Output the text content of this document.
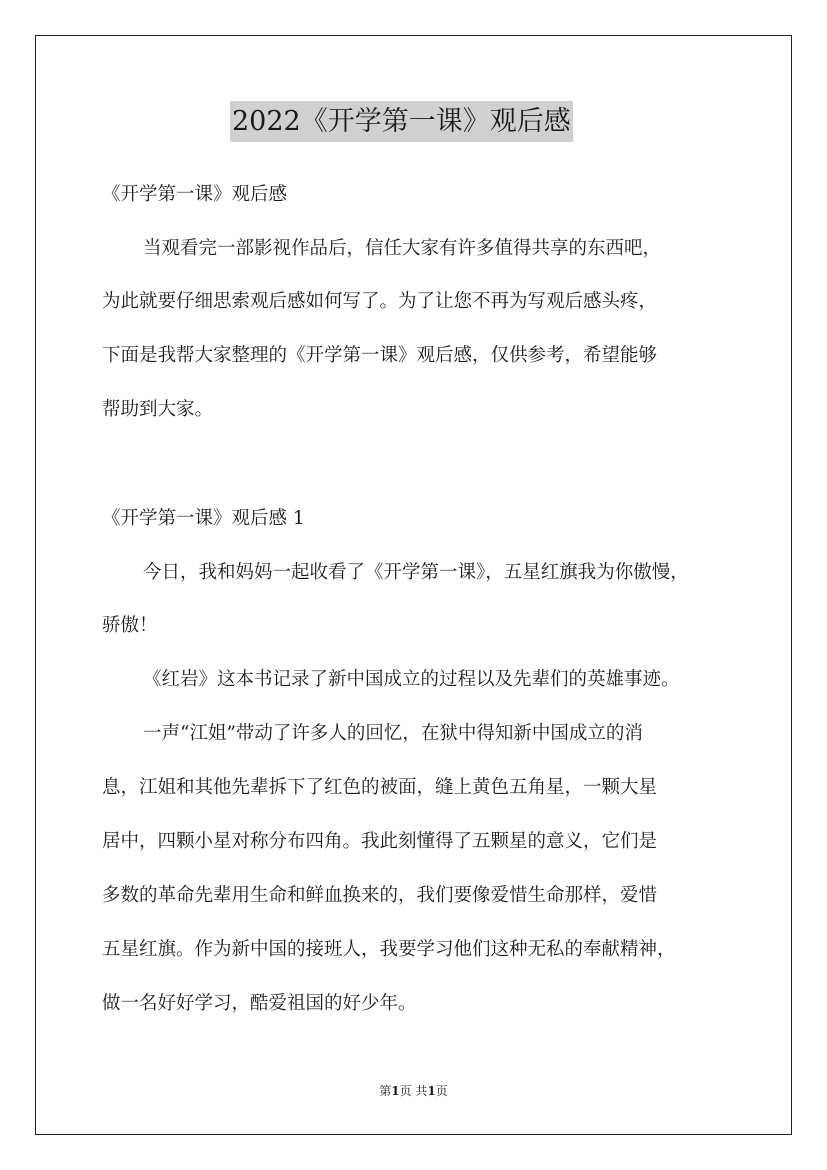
2022《开学第一课》观后感
《开学第一课》观后感
当观看完一部影视作品后，信任大家有许多值得共享的东西吧，
为此就要仔细思索观后感如何写了。为了让您不再为写观后感头疼，
下面是我帮大家整理的《开学第一课》观后感，仅供参考，希望能够
帮助到大家。
《开学第一课》观后感 1
今日，我和妈妈一起收看了《开学第一课》，五星红旗我为你傲慢，
骄傲！
《红岩》这本书记录了新中国成立的过程以及先辈们的英雄事迹。
一声“江姐”带动了许多人的回忆，在狱中得知新中国成立的消
息，江姐和其他先辈拆下了红色的被面，缝上黄色五角星，一颗大星
居中，四颗小星对称分布四角。我此刻懂得了五颗星的意义，它们是
多数的革命先辈用生命和鲜血换来的，我们要像爱惜生命那样，爱惜
五星红旗。作为新中国的接班人，我要学习他们这种无私的奉献精神，
做一名好好学习，酷爱祖国的好少年。
第1页 共1页
